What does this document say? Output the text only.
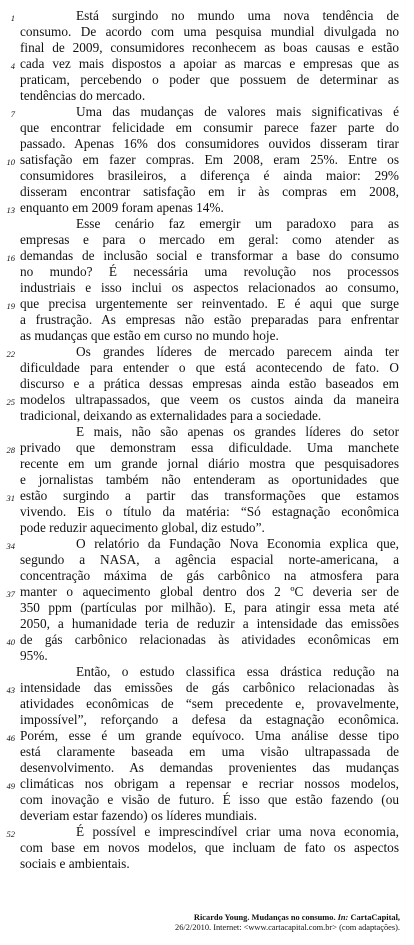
Está surgindo no mundo uma nova tendência de
consumo. De acordo com uma pesquisa mundial divulgada no
final de 2009, consumidores reconhecem as boas causas e estão
cada vez mais dispostos a apoiar as marcas e empresas que as
praticam, percebendo o poder que possuem de determinar as
tendências do mercado.
Uma das mudanças de valores mais significativas é
que encontrar felicidade em consumir parece fazer parte do
passado. Apenas 16% dos consumidores ouvidos disseram tirar
satisfação em fazer compras. Em 2008, eram 25%. Entre os
consumidores brasileiros, a diferença é ainda maior: 29%
disseram encontrar satisfação em ir às compras em 2008,
enquanto em 2009 foram apenas 14%.
Esse cenário faz emergir um paradoxo para as
empresas e para o mercado em geral: como atender as
demandas de inclusão social e transformar a base do consumo
no mundo? É necessária uma revolução nos processos
industriais e isso inclui os aspectos relacionados ao consumo,
que precisa urgentemente ser reinventado. E é aqui que surge
a frustração. As empresas não estão preparadas para enfrentar
as mudanças que estão em curso no mundo hoje.
Os grandes líderes de mercado parecem ainda ter
dificuldade para entender o que está acontecendo de fato. O
discurso e a prática dessas empresas ainda estão baseados em
modelos ultrapassados, que veem os custos ainda da maneira
tradicional, deixando as externalidades para a sociedade.
E mais, não são apenas os grandes líderes do setor
privado que demonstram essa dificuldade. Uma manchete
recente em um grande jornal diário mostra que pesquisadores
e jornalistas também não entenderam as oportunidades que
estão surgindo a partir das transformações que estamos
vivendo. Eis o título da matéria: “Só estagnação econômica
pode reduzir aquecimento global, diz estudo”.
O relatório da Fundação Nova Economia explica que,
segundo a NASA, a agência espacial norte-americana, a
concentração máxima de gás carbônico na atmosfera para
manter o aquecimento global dentro dos 2 ºC deveria ser de
350 ppm (partículas por milhão). E, para atingir essa meta até
2050, a humanidade teria de reduzir a intensidade das emissões
de gás carbônico relacionadas às atividades econômicas em
95%.
Então, o estudo classifica essa drástica redução na
intensidade das emissões de gás carbônico relacionadas às
atividades econômicas de “sem precedente e, provavelmente,
impossível”, reforçando a defesa da estagnação econômica.
Porém, esse é um grande equívoco. Uma análise desse tipo
está claramente baseada em uma visão ultrapassada de
desenvolvimento. As demandas provenientes das mudanças
climáticas nos obrigam a repensar e recriar nossos modelos,
com inovação e visão de futuro. É isso que estão fazendo (ou
deveriam estar fazendo) os líderes mundiais.
É possível e imprescindível criar uma nova economia,
com base em novos modelos, que incluam de fato os aspectos
sociais e ambientais.
1
4
7
10
13
16
19
22
25
28
31
34
37
40
43
46
49
52
Ricardo Young. Mudanças no consumo. In: CartaCapital,
26/2/2010. Internet: <www.cartacapital.com.br> (com adaptações).
